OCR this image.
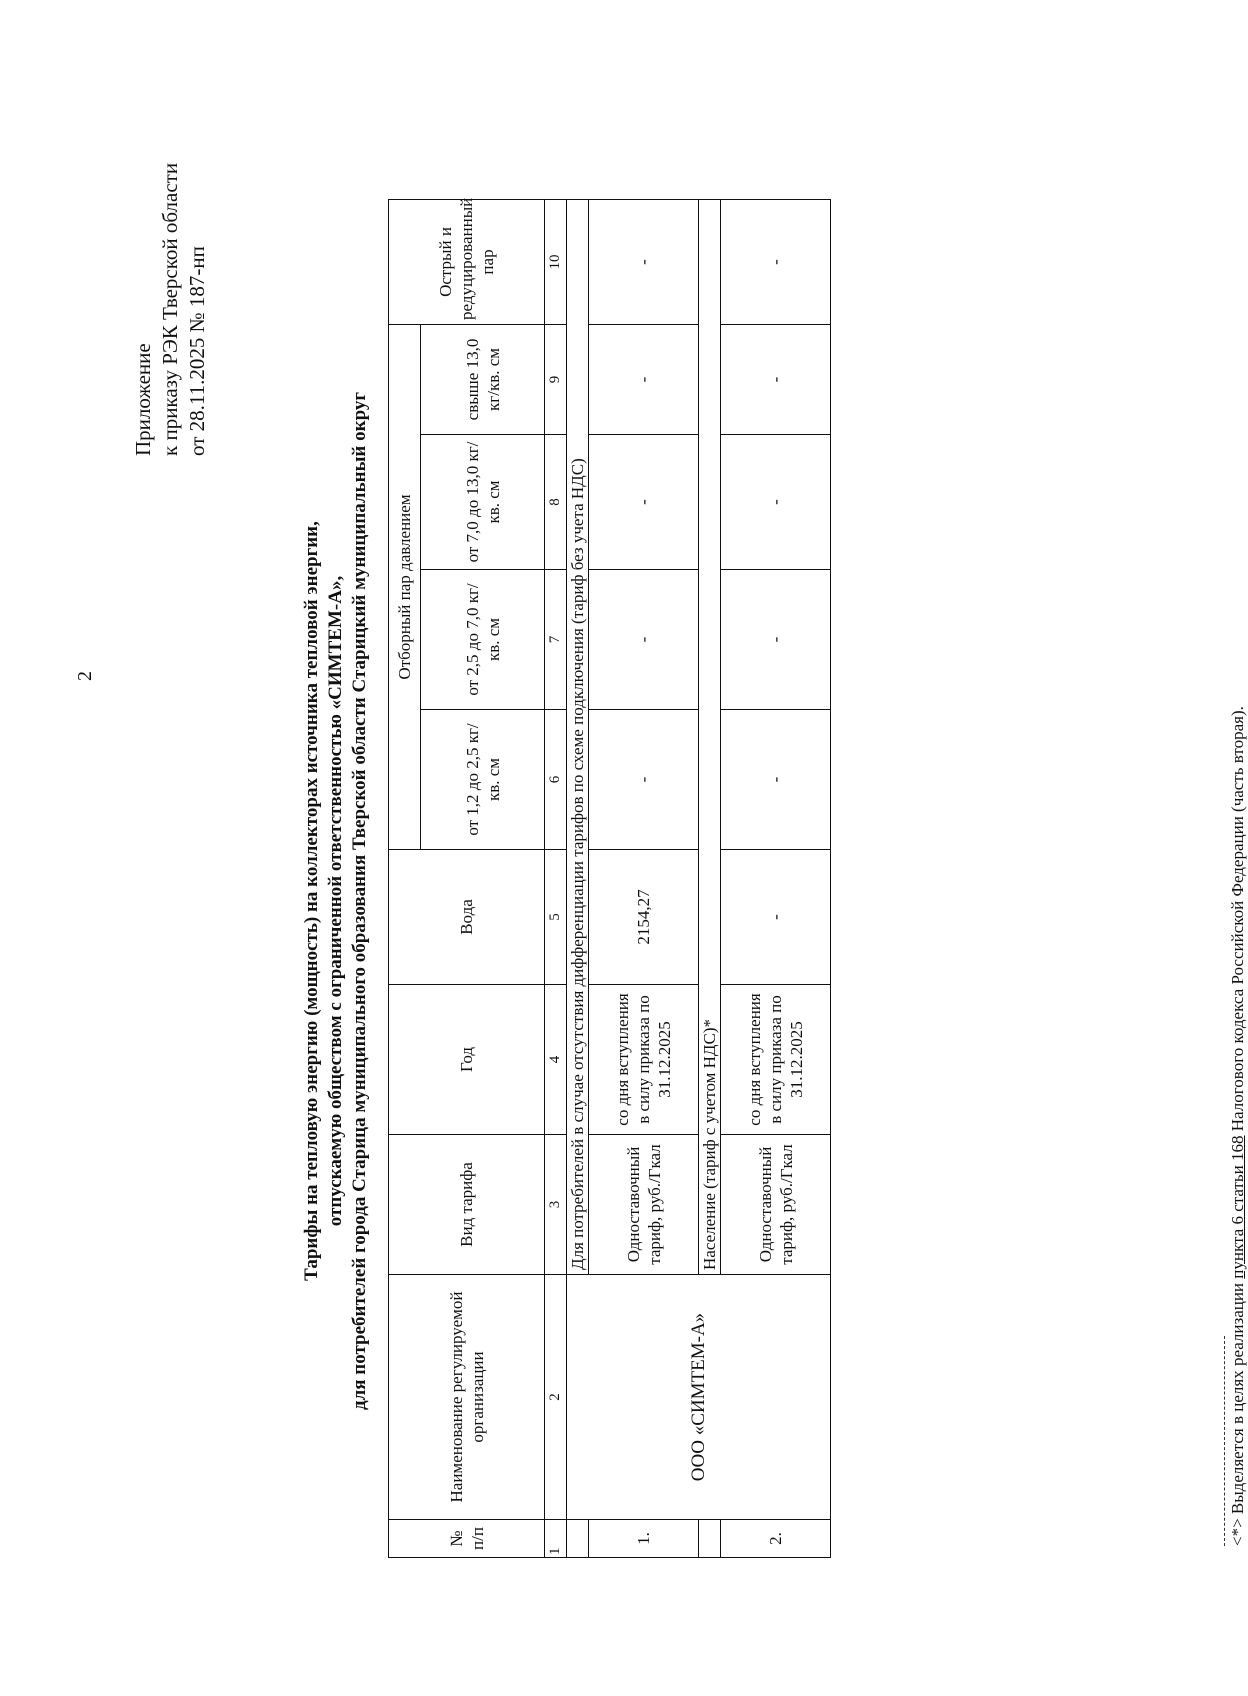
2
Приложение к приказу РЭК Тверской области от 28.11.2025 № 187-нп
Тарифы на тепловую энергию (мощность) на коллекторах источника тепловой энергии, отпускаемую обществом с ограниченной ответственностью «СИМТЕМ-А», для потребителей города Старица муниципального образования Тверской области Старицкий муниципальный округ
№ п/п	Наименование регулируемой организации	Вид тарифа	Год	Вода	Отборный пар давлением				Острый и редуцированный пар
					от 1,2 до 2,5 кг/кв. см	от 2,5 до 7,0 кг/кв. см	от 7,0 до 13,0 кг/кв. см	свыше 13,0 кг/кв. см	
1	2	3	4	5	6	7	8	9	10
	ООО «СИМТЕМ-А»	Для потребителей в случае отсутствия дифференциации тарифов по схеме подключения (тариф без учета НДС)							
1.		Одноставочный тариф, руб./Гкал	со дня вступления в силу приказа по 31.12.2025	2154,27	-	-	-	-	-
		Население (тариф с учетом НДС)*							
2.		Одноставочный тариф, руб./Гкал	со дня вступления в силу приказа по 31.12.2025	-	-	-	-	-	-
<*> Выделяется в целях реализации пункта 6 статьи 168 Налогового кодекса Российской Федерации (часть вторая).
